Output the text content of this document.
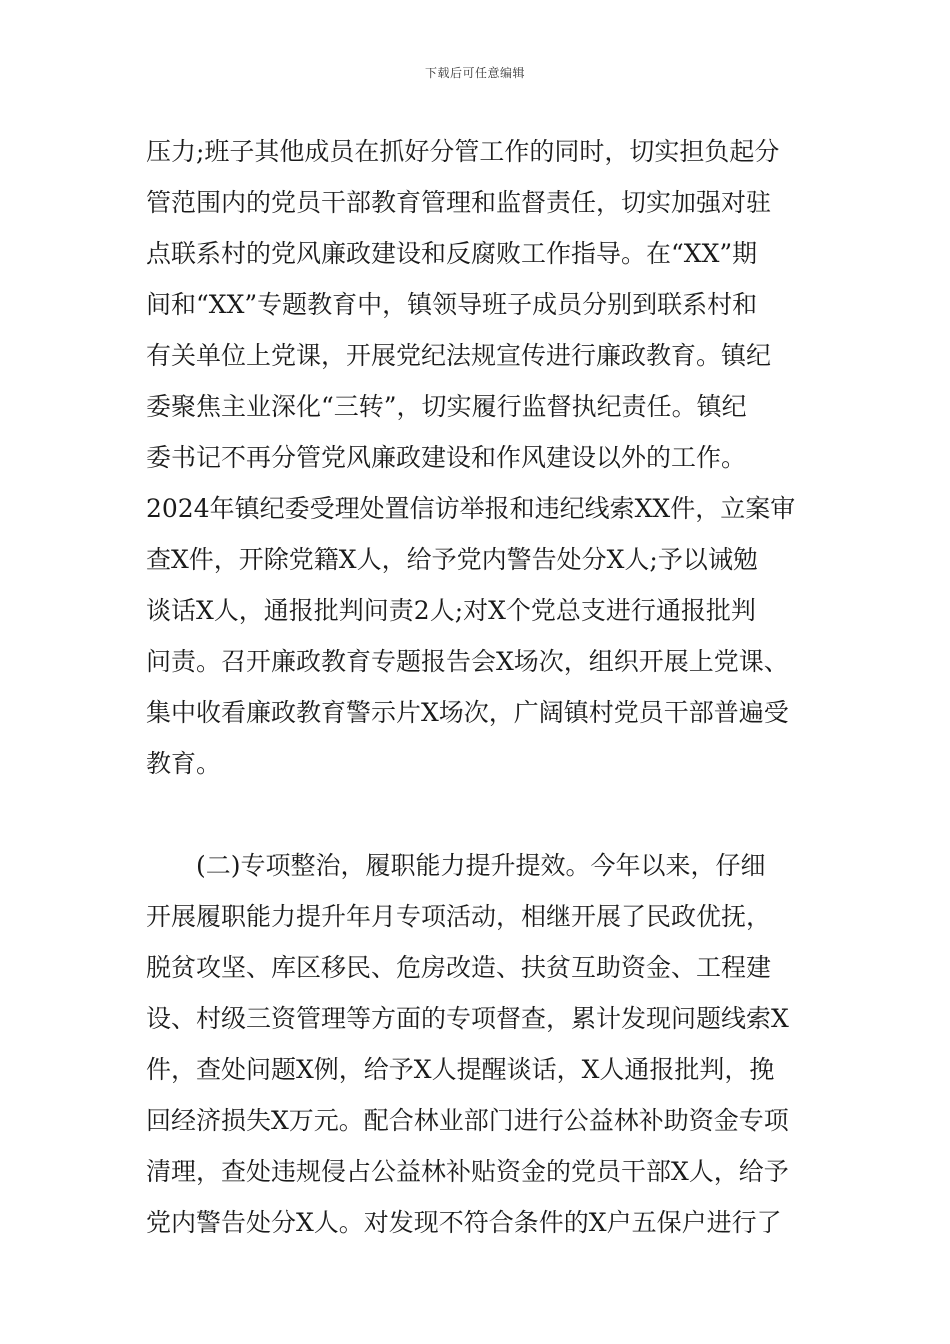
下载后可任意编辑
压力;班子其他成员在抓好分管工作的同时，切实担负起分
管范围内的党员干部教育管理和监督责任，切实加强对驻
点联系村的党风廉政建设和反腐败工作指导。在“XX”期
间和“XX”专题教育中，镇领导班子成员分别到联系村和
有关单位上党课，开展党纪法规宣传进行廉政教育。镇纪
委聚焦主业深化“三转”，切实履行监督执纪责任。镇纪
委书记不再分管党风廉政建设和作风建设以外的工作。
2024年镇纪委受理处置信访举报和违纪线索XX件，立案审
查X件，开除党籍X人，给予党内警告处分X人;予以诫勉
谈话X人，通报批判问责2人;对X个党总支进行通报批判
问责。召开廉政教育专题报告会X场次，组织开展上党课、
集中收看廉政教育警示片X场次，广阔镇村党员干部普遍受
教育。
　　(二)专项整治，履职能力提升提效。今年以来，仔细
开展履职能力提升年月专项活动，相继开展了民政优抚，
脱贫攻坚、库区移民、危房改造、扶贫互助资金、工程建
设、村级三资管理等方面的专项督查，累计发现问题线索X
件，查处问题X例，给予X人提醒谈话，X人通报批判，挽
回经济损失X万元。配合林业部门进行公益林补助资金专项
清理，查处违规侵占公益林补贴资金的党员干部X人，给予
党内警告处分X人。对发现不符合条件的X户五保户进行了
